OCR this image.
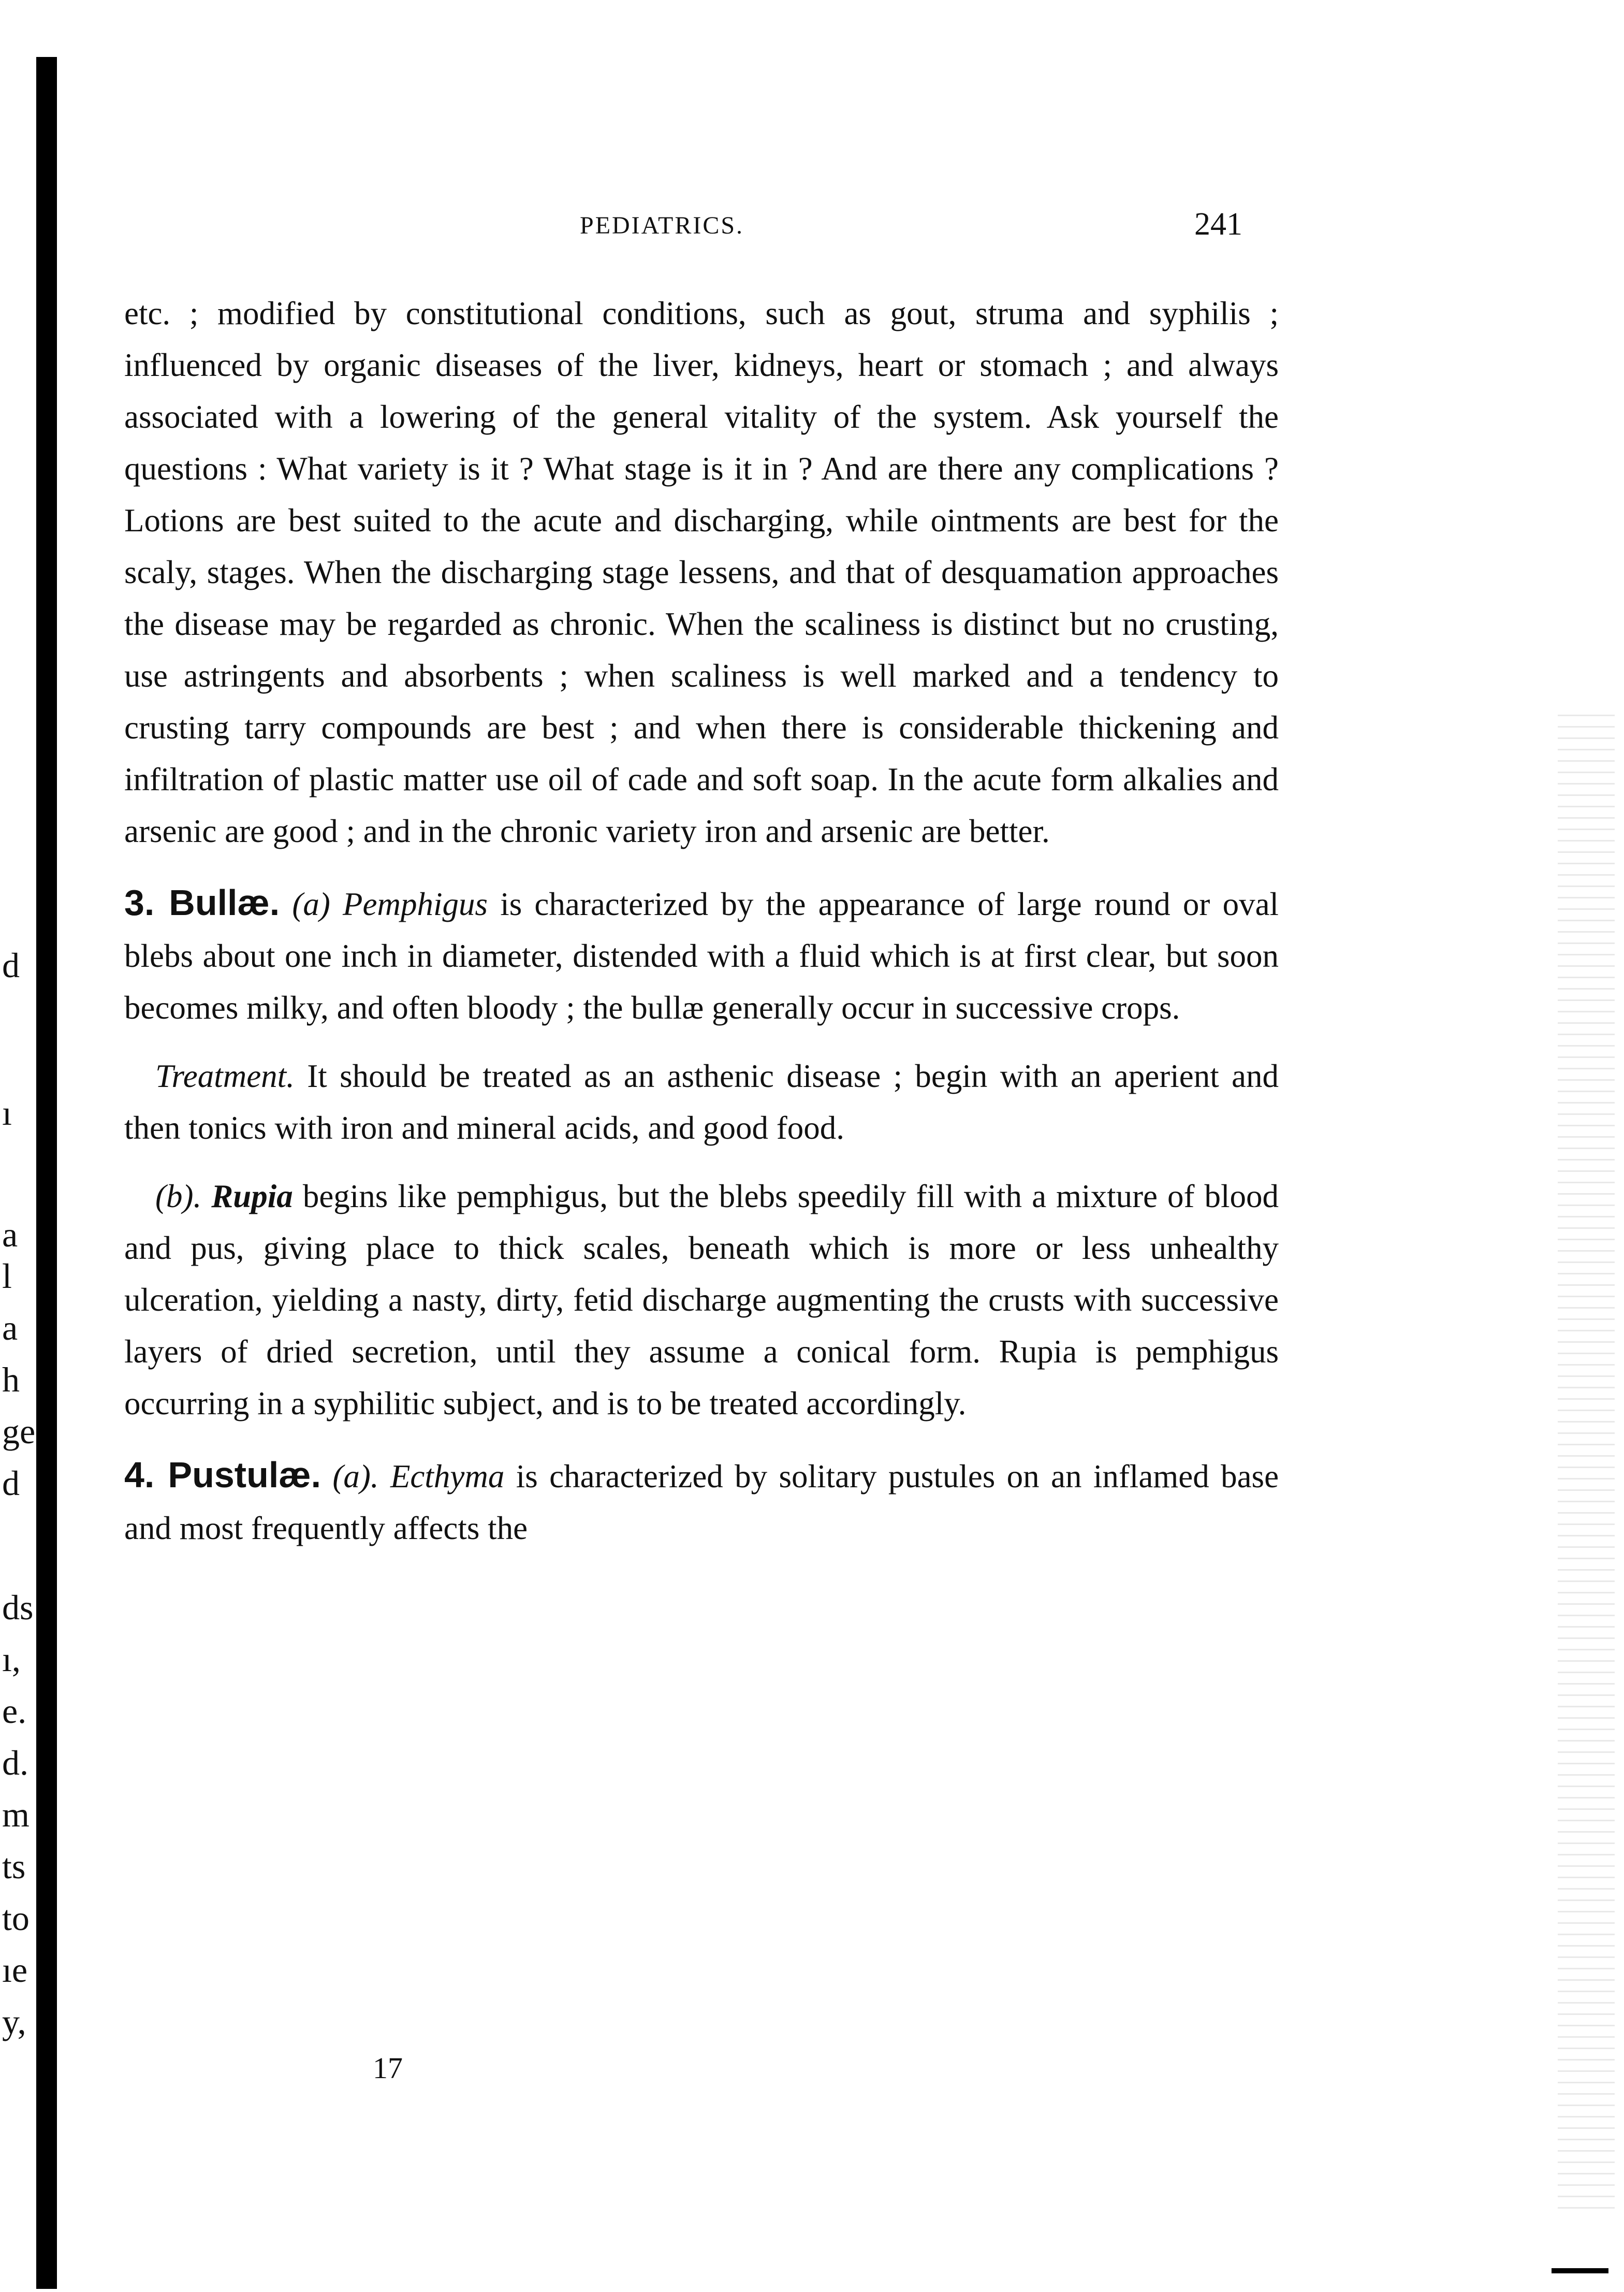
d
ı
a
l
a
h
ge
d
ds
ı,
e.
d.
m
ts
to
ıe
y,
PEDIATRICS.	241

etc. ; modified by constitutional conditions, such as gout, struma and syphilis ; influenced by organic diseases of the liver, kidneys, heart or stomach ; and always associated with a lowering of the general vitality of the system. Ask yourself the questions : What variety is it ? What stage is it in ? And are there any complications ? Lotions are best suited to the acute and discharging, while ointments are best for the scaly, stages. When the discharging stage lessens, and that of desquamation approaches the disease may be regarded as chronic. When the scaliness is distinct but no crusting, use astringents and absorbents ; when scaliness is well marked and a tendency to crusting tarry compounds are best ; and when there is considerable thickening and infiltration of plastic matter use oil of cade and soft soap. In the acute form alkalies and arsenic are good ; and in the chronic variety iron and arsenic are better.

3. Bullæ. (a) Pemphigus is characterized by the appearance of large round or oval blebs about one inch in diameter, distended with a fluid which is at first clear, but soon becomes milky, and often bloody ; the bullæ generally occur in successive crops.

Treatment. It should be treated as an asthenic disease ; begin with an aperient and then tonics with iron and mineral acids, and good food.

(b). Rupia begins like pemphigus, but the blebs speedily fill with a mixture of blood and pus, giving place to thick scales, beneath which is more or less unhealthy ulceration, yielding a nasty, dirty, fetid discharge augmenting the crusts with successive layers of dried secretion, until they assume a conical form. Rupia is pemphigus occurring in a syphilitic subject, and is to be treated accordingly.

4. Pustulæ. (a). Ecthyma is characterized by solitary pustules on an inflamed base and most frequently affects the

17
